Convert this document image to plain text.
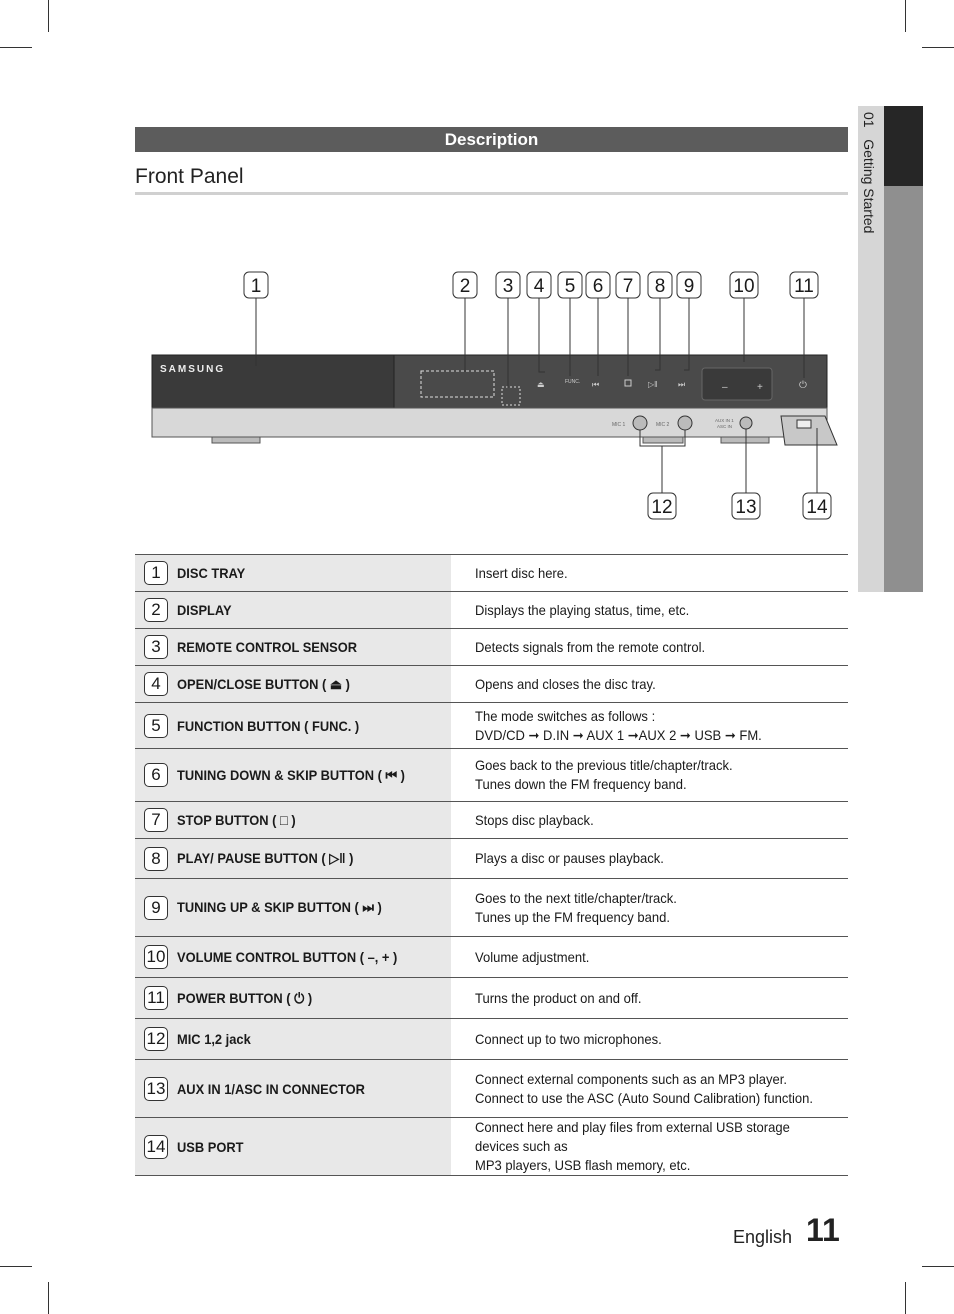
01   Getting Started
Description
Front Panel
1	2 3 4 5 6 7 8 9 10 11
SAMSUNG
⏏	FUNC. ⏮	▷‖	⏭	–	+	⏻
MIC 1	MIC 2
AUX IN 1
ASC IN
12	13	14
1	DISC TRAY	Insert disc here.

2	DISPLAY	Displays the playing status, time, etc.

3	REMOTE CONTROL SENSOR	Detects signals from the remote control.

4	OPEN/CLOSE BUTTON ( ⏏ )	Opens and closes the disc tray.

5	FUNCTION BUTTON ( FUNC. )	The mode switches as follows :
DVD/CD ➞ D.IN ➞ AUX 1 ➞AUX 2 ➞ USB ➞ FM.

6	TUNING DOWN & SKIP BUTTON ( ⏮ )	Goes back to the previous title/chapter/track.
Tunes down the FM frequency band.

7	STOP BUTTON ( □ )	Stops disc playback.

8	PLAY/ PAUSE BUTTON ( ▷‖ )	Plays a disc or pauses playback.

9	TUNING UP & SKIP BUTTON ( ⏭ )	Goes to the next title/chapter/track.
Tunes up the FM frequency band.

10	VOLUME CONTROL BUTTON ( –, + )	Volume adjustment.

11	POWER BUTTON ( ⏻ )	Turns the product on and off.

12	MIC 1,2 jack	Connect up to two microphones.

13	AUX IN 1/ASC IN CONNECTOR	Connect external components such as an MP3 player.
Connect to use the ASC (Auto Sound Calibration) function.

14	USB PORT	Connect here and play files from external USB storage devices such as
MP3 players, USB flash memory, etc.
English 11
